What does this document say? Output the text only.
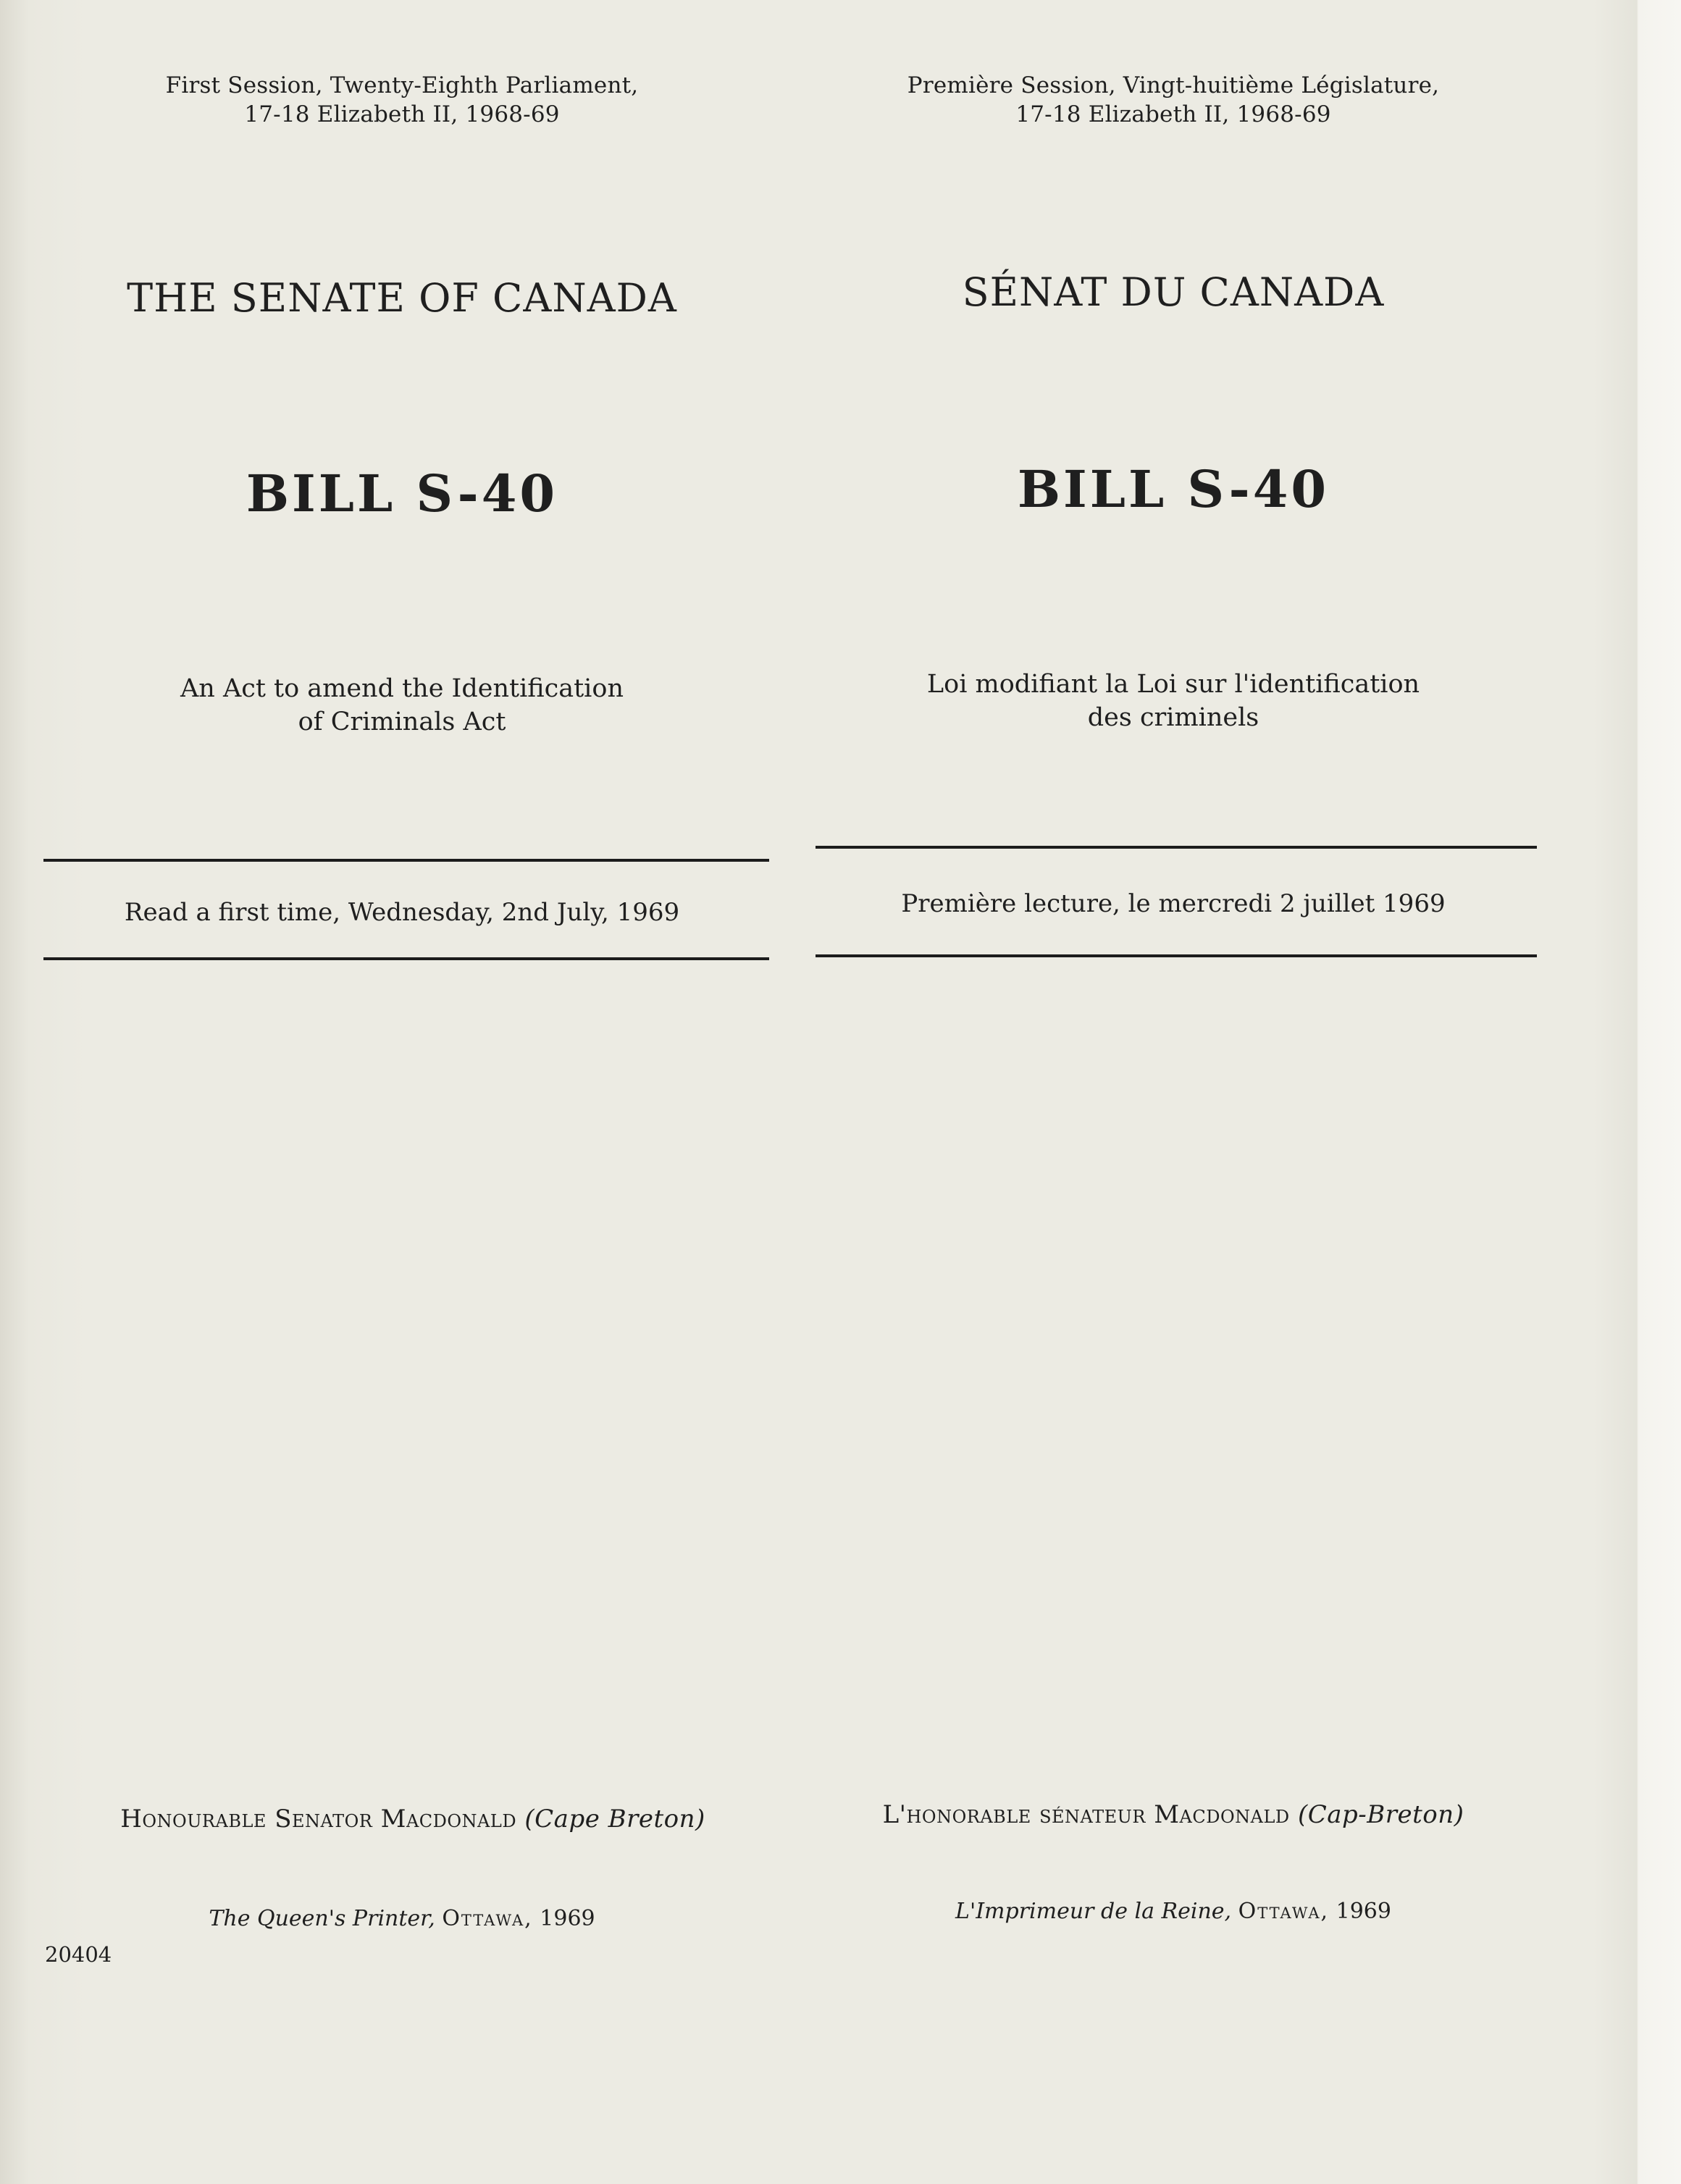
First Session, Twenty-Eighth Parliament,
17-18 Elizabeth II, 1968-69
THE SENATE OF CANADA
BILL S-40
An Act to amend the Identification
of Criminals Act
Read a first time, Wednesday, 2nd July, 1969
Honourable Senator Macdonald (Cape Breton)
The Queen's Printer, Ottawa, 1969
20404
Première Session, Vingt-huitième Législature,
17-18 Elizabeth II, 1968-69
SÉNAT DU CANADA
BILL S-40
Loi modifiant la Loi sur l'identification
des criminels
Première lecture, le mercredi 2 juillet 1969
L'honorable sénateur Macdonald (Cap-Breton)
L'Imprimeur de la Reine, Ottawa, 1969
